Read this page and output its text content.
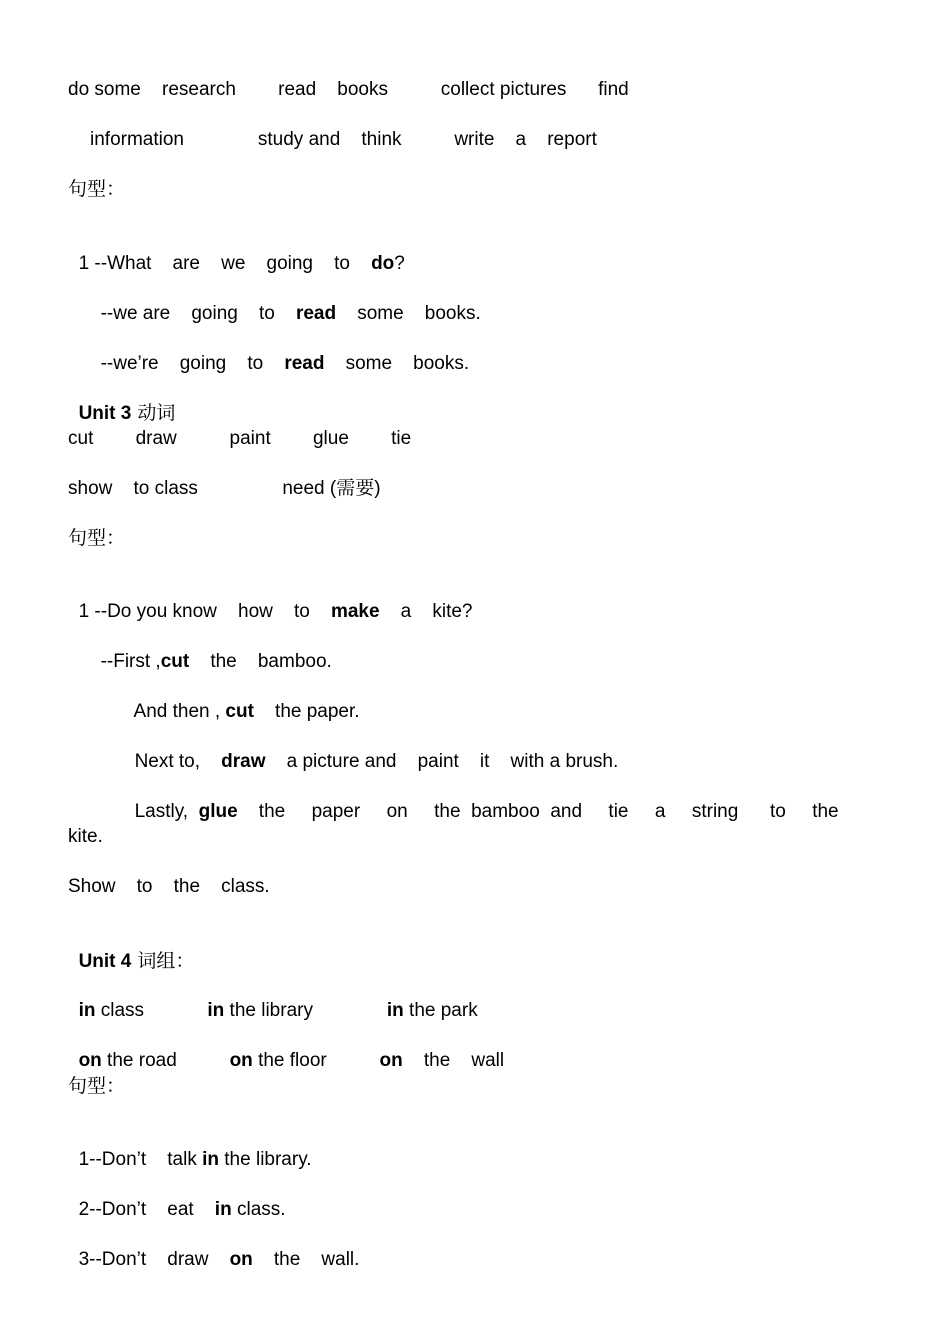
do some    research        read    books          collect pictures      find
information              study and    think          write    a    report
句型：

1 --What    are    we    going    to    do?

--we are    going    to    read    some    books.

--we’re    going    to    read    some    books.

Unit 3 动词

cut        draw          paint        glue        tie
show    to class                need (需要)
句型：

1 --Do you know    how    to    make    a    kite?

--First ,cut    the    bamboo.

And then , cut    the paper.

Next to,    draw    a picture and    paint    it    with a brush.

Lastly,  glue    the     paper     on     the  bamboo  and     tie     a     string      to     the

kite.
Show    to    the    class.

Unit 4 词组：

in class            in the library              in the park

on the road          on the floor          on    the    wall

句型：

1--Don’t    talk in the library.

2--Don’t    eat    in class.

3--Don’t    draw    on    the    wall.
